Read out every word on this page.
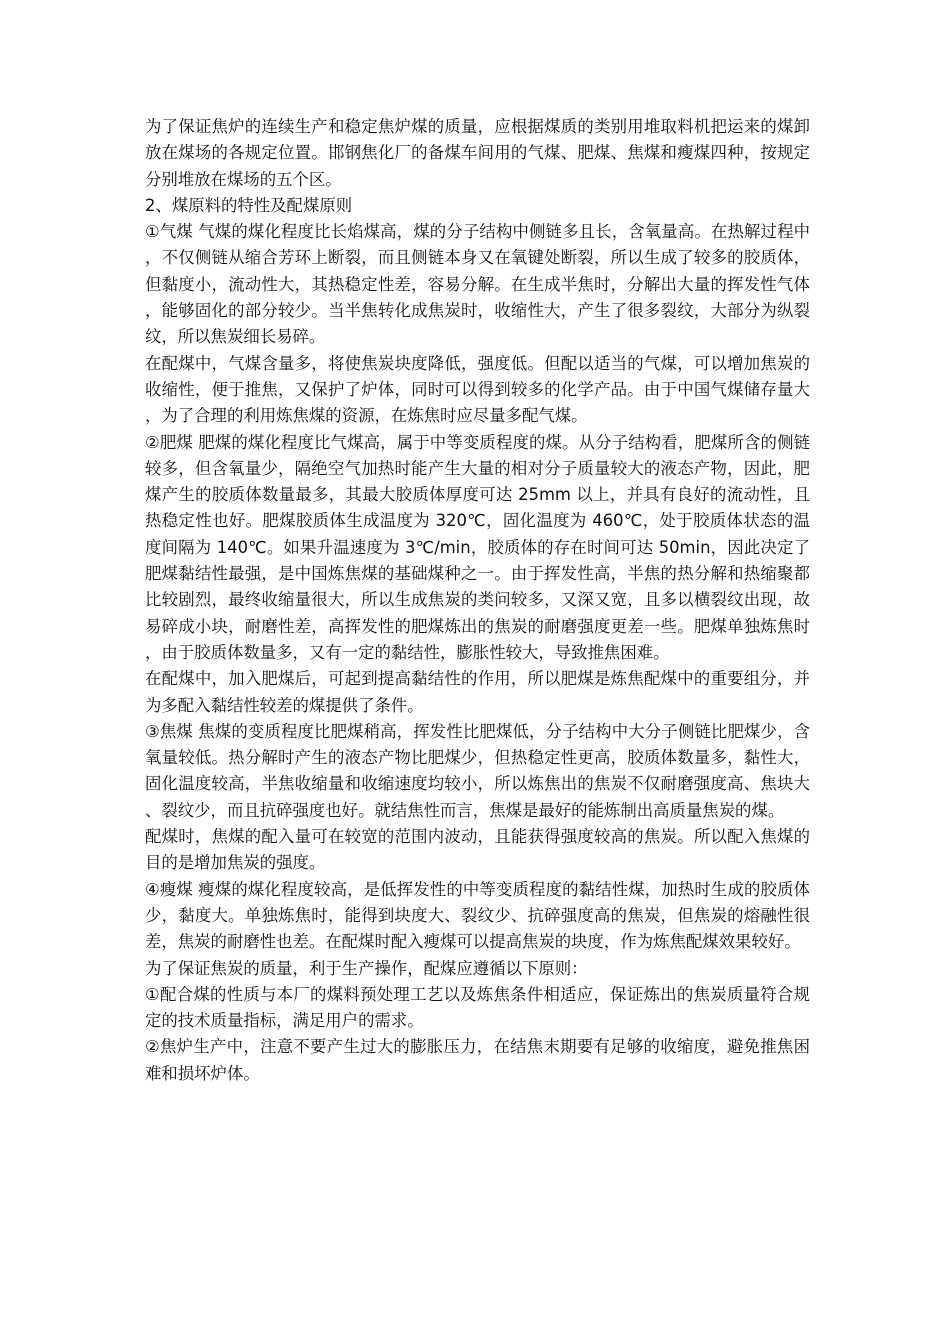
为了保证焦炉的连续生产和稳定焦炉煤的质量，应根据煤质的类别用堆取料机把运来的煤卸放在煤场的各规定位置。邯钢焦化厂的备煤车间用的气煤、肥煤、焦煤和瘦煤四种，按规定分别堆放在煤场的五个区。

2、煤原料的特性及配煤原则

①气煤 气煤的煤化程度比长焰煤高，煤的分子结构中侧链多且长，含氧量高。在热解过程中，不仅侧链从缩合芳环上断裂，而且侧链本身又在氧键处断裂，所以生成了较多的胶质体，但黏度小，流动性大，其热稳定性差，容易分解。在生成半焦时，分解出大量的挥发性气体，能够固化的部分较少。当半焦转化成焦炭时，收缩性大，产生了很多裂纹，大部分为纵裂纹，所以焦炭细长易碎。

在配煤中，气煤含量多，将使焦炭块度降低，强度低。但配以适当的气煤，可以增加焦炭的收缩性，便于推焦，又保护了炉体，同时可以得到较多的化学产品。由于中国气煤储存量大，为了合理的利用炼焦煤的资源，在炼焦时应尽量多配气煤。

②肥煤 肥煤的煤化程度比气煤高，属于中等变质程度的煤。从分子结构看，肥煤所含的侧链较多，但含氧量少，隔绝空气加热时能产生大量的相对分子质量较大的液态产物，因此，肥煤产生的胶质体数量最多，其最大胶质体厚度可达 25mm 以上，并具有良好的流动性，且热稳定性也好。肥煤胶质体生成温度为 320℃，固化温度为 460℃，处于胶质体状态的温度间隔为 140℃。如果升温速度为 3℃/min，胶质体的存在时间可达 50min，因此决定了肥煤黏结性最强，是中国炼焦煤的基础煤种之一。由于挥发性高，半焦的热分解和热缩聚都比较剧烈，最终收缩量很大，所以生成焦炭的类问较多，又深又宽，且多以横裂纹出现，故易碎成小块，耐磨性差，高挥发性的肥煤炼出的焦炭的耐磨强度更差一些。肥煤单独炼焦时，由于胶质体数量多，又有一定的黏结性，膨胀性较大，导致推焦困难。

在配煤中，加入肥煤后，可起到提高黏结性的作用，所以肥煤是炼焦配煤中的重要组分，并为多配入黏结性较差的煤提供了条件。

③焦煤 焦煤的变质程度比肥煤稍高，挥发性比肥煤低，分子结构中大分子侧链比肥煤少，含氧量较低。热分解时产生的液态产物比肥煤少，但热稳定性更高，胶质体数量多，黏性大，固化温度较高，半焦收缩量和收缩速度均较小，所以炼焦出的焦炭不仅耐磨强度高、焦块大、裂纹少，而且抗碎强度也好。就结焦性而言，焦煤是最好的能炼制出高质量焦炭的煤。

配煤时，焦煤的配入量可在较宽的范围内波动，且能获得强度较高的焦炭。所以配入焦煤的目的是增加焦炭的强度。

④瘦煤 瘦煤的煤化程度较高，是低挥发性的中等变质程度的黏结性煤，加热时生成的胶质体少，黏度大。单独炼焦时，能得到块度大、裂纹少、抗碎强度高的焦炭，但焦炭的熔融性很差，焦炭的耐磨性也差。在配煤时配入瘦煤可以提高焦炭的块度，作为炼焦配煤效果较好。

为了保证焦炭的质量，利于生产操作，配煤应遵循以下原则：

①配合煤的性质与本厂的煤料预处理工艺以及炼焦条件相适应，保证炼出的焦炭质量符合规定的技术质量指标，满足用户的需求。

②焦炉生产中，注意不要产生过大的膨胀压力，在结焦末期要有足够的收缩度，避免推焦困难和损坏炉体。
